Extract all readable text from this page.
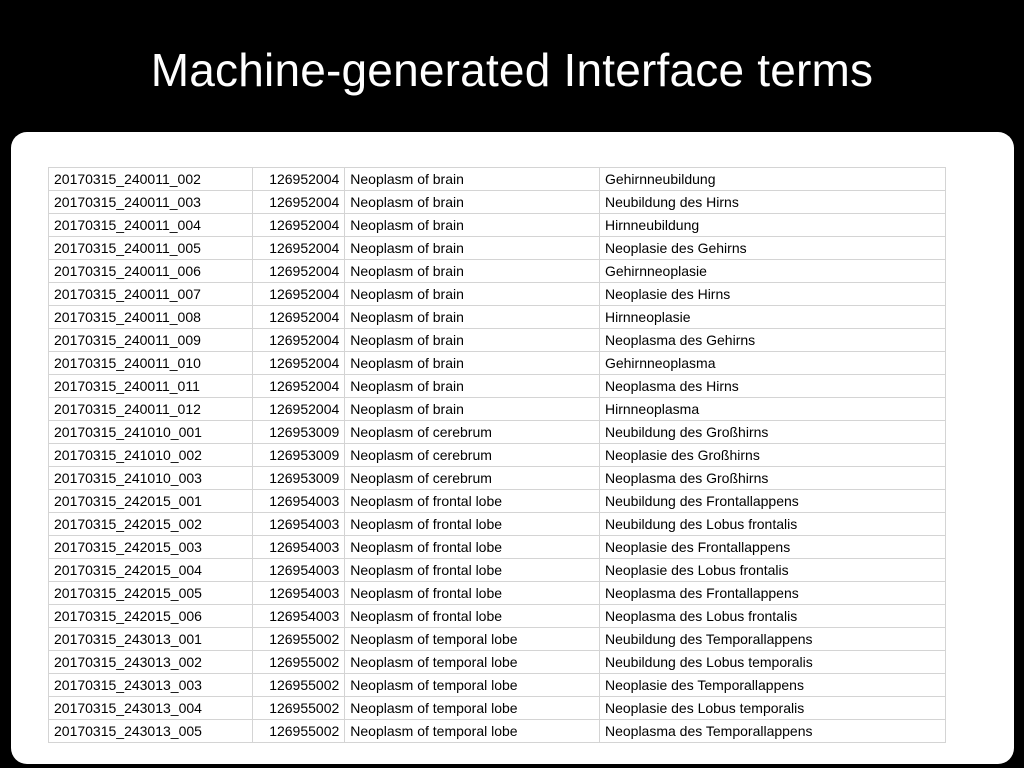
Machine-generated Interface terms
20170315_240011_002	126952004	Neoplasm of brain	Gehirnneubildung
20170315_240011_003	126952004	Neoplasm of brain	Neubildung des Hirns
20170315_240011_004	126952004	Neoplasm of brain	Hirnneubildung
20170315_240011_005	126952004	Neoplasm of brain	Neoplasie des Gehirns
20170315_240011_006	126952004	Neoplasm of brain	Gehirnneoplasie
20170315_240011_007	126952004	Neoplasm of brain	Neoplasie des Hirns
20170315_240011_008	126952004	Neoplasm of brain	Hirnneoplasie
20170315_240011_009	126952004	Neoplasm of brain	Neoplasma des Gehirns
20170315_240011_010	126952004	Neoplasm of brain	Gehirnneoplasma
20170315_240011_011	126952004	Neoplasm of brain	Neoplasma des Hirns
20170315_240011_012	126952004	Neoplasm of brain	Hirnneoplasma
20170315_241010_001	126953009	Neoplasm of cerebrum	Neubildung des Großhirns
20170315_241010_002	126953009	Neoplasm of cerebrum	Neoplasie des Großhirns
20170315_241010_003	126953009	Neoplasm of cerebrum	Neoplasma des Großhirns
20170315_242015_001	126954003	Neoplasm of frontal lobe	Neubildung des Frontallappens
20170315_242015_002	126954003	Neoplasm of frontal lobe	Neubildung des Lobus frontalis
20170315_242015_003	126954003	Neoplasm of frontal lobe	Neoplasie des Frontallappens
20170315_242015_004	126954003	Neoplasm of frontal lobe	Neoplasie des Lobus frontalis
20170315_242015_005	126954003	Neoplasm of frontal lobe	Neoplasma des Frontallappens
20170315_242015_006	126954003	Neoplasm of frontal lobe	Neoplasma des Lobus frontalis
20170315_243013_001	126955002	Neoplasm of temporal lobe	Neubildung des Temporallappens
20170315_243013_002	126955002	Neoplasm of temporal lobe	Neubildung des Lobus temporalis
20170315_243013_003	126955002	Neoplasm of temporal lobe	Neoplasie des Temporallappens
20170315_243013_004	126955002	Neoplasm of temporal lobe	Neoplasie des Lobus temporalis
20170315_243013_005	126955002	Neoplasm of temporal lobe	Neoplasma des Temporallappens
